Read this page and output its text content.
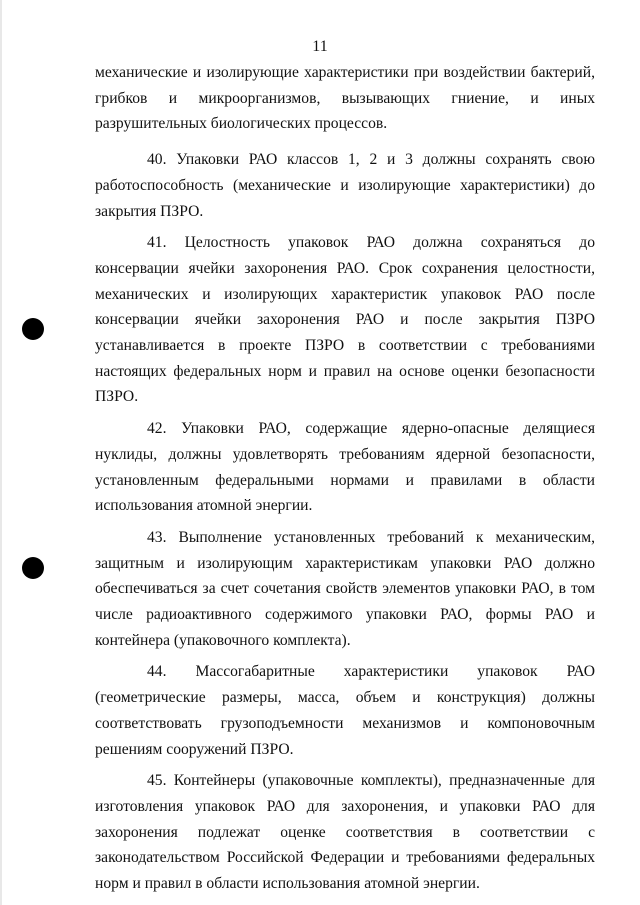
11

механические и изолирующие характеристики при воздействии бактерий, грибков и микроорганизмов, вызывающих гниение, и иных разрушительных биологических процессов.

40. Упаковки РАО классов 1, 2 и 3 должны сохранять свою работоспособность (механические и изолирующие характеристики) до закрытия ПЗРО.

41. Целостность упаковок РАО должна сохраняться до консервации ячейки захоронения РАО. Срок сохранения целостности, механических и изолирующих характеристик упаковок РАО после консервации ячейки захоронения РАО и после закрытия ПЗРО устанавливается в проекте ПЗРО в соответствии с требованиями настоящих федеральных норм и правил на основе оценки безопасности ПЗРО.

42. Упаковки РАО, содержащие ядерно-опасные делящиеся нуклиды, должны удовлетворять требованиям ядерной безопасности, установленным федеральными нормами и правилами в области использования атомной энергии.

43. Выполнение установленных требований к механическим, защитным и изолирующим характеристикам упаковки РАО должно обеспечиваться за счет сочетания свойств элементов упаковки РАО, в том числе радиоактивного содержимого упаковки РАО, формы РАО и контейнера (упаковочного комплекта).

44. Массогабаритные характеристики упаковок РАО (геометрические размеры, масса, объем и конструкция) должны соответствовать грузоподъемности механизмов и компоновочным решениям сооружений ПЗРО.

45. Контейнеры (упаковочные комплекты), предназначенные для изготовления упаковок РАО для захоронения, и упаковки РАО для захоронения подлежат оценке соответствия в соответствии с законодательством Российской Федерации и требованиями федеральных норм и правил в области использования атомной энергии.
